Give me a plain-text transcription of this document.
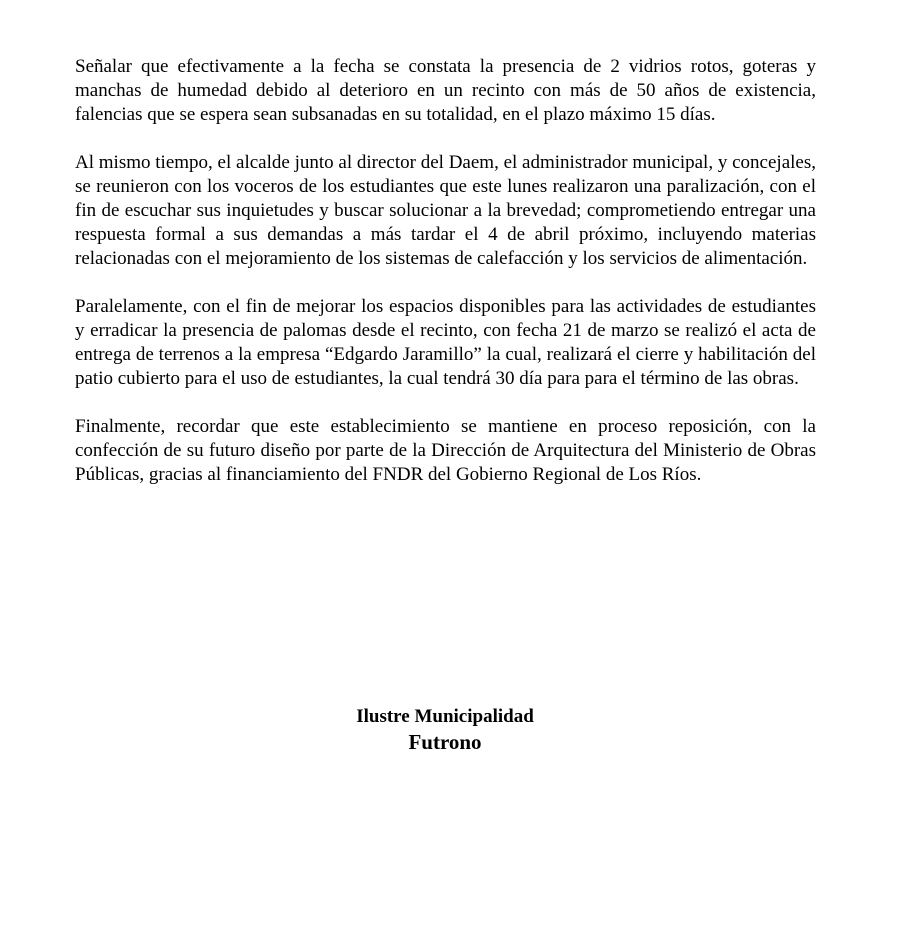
Señalar que efectivamente a la fecha se constata la presencia de 2 vidrios rotos, goteras y manchas de humedad debido al deterioro en un recinto con más de 50 años de existencia, falencias que se espera sean subsanadas en su totalidad, en el plazo máximo 15 días.

Al mismo tiempo, el alcalde junto al director del Daem, el administrador municipal, y concejales, se reunieron con los voceros de los estudiantes que este lunes realizaron una paralización, con el fin de escuchar sus inquietudes y buscar solucionar a la brevedad; comprometiendo entregar una respuesta formal a sus demandas a más tardar el 4 de abril próximo, incluyendo materias relacionadas con el mejoramiento de los sistemas de calefacción y los servicios de alimentación.

Paralelamente, con el fin de mejorar los espacios disponibles para las actividades de estudiantes y erradicar la presencia de palomas desde el recinto, con fecha 21 de marzo se realizó el acta de entrega de terrenos a la empresa “Edgardo Jaramillo” la cual, realizará el cierre y habilitación del patio cubierto para el uso de estudiantes, la cual tendrá 30 día para para el término de las obras.

Finalmente, recordar que este establecimiento se mantiene en proceso reposición, con la confección de su futuro diseño por parte de la Dirección de Arquitectura del Ministerio de Obras Públicas, gracias al financiamiento del FNDR del Gobierno Regional de Los Ríos.

Ilustre Municipalidad
Futrono
